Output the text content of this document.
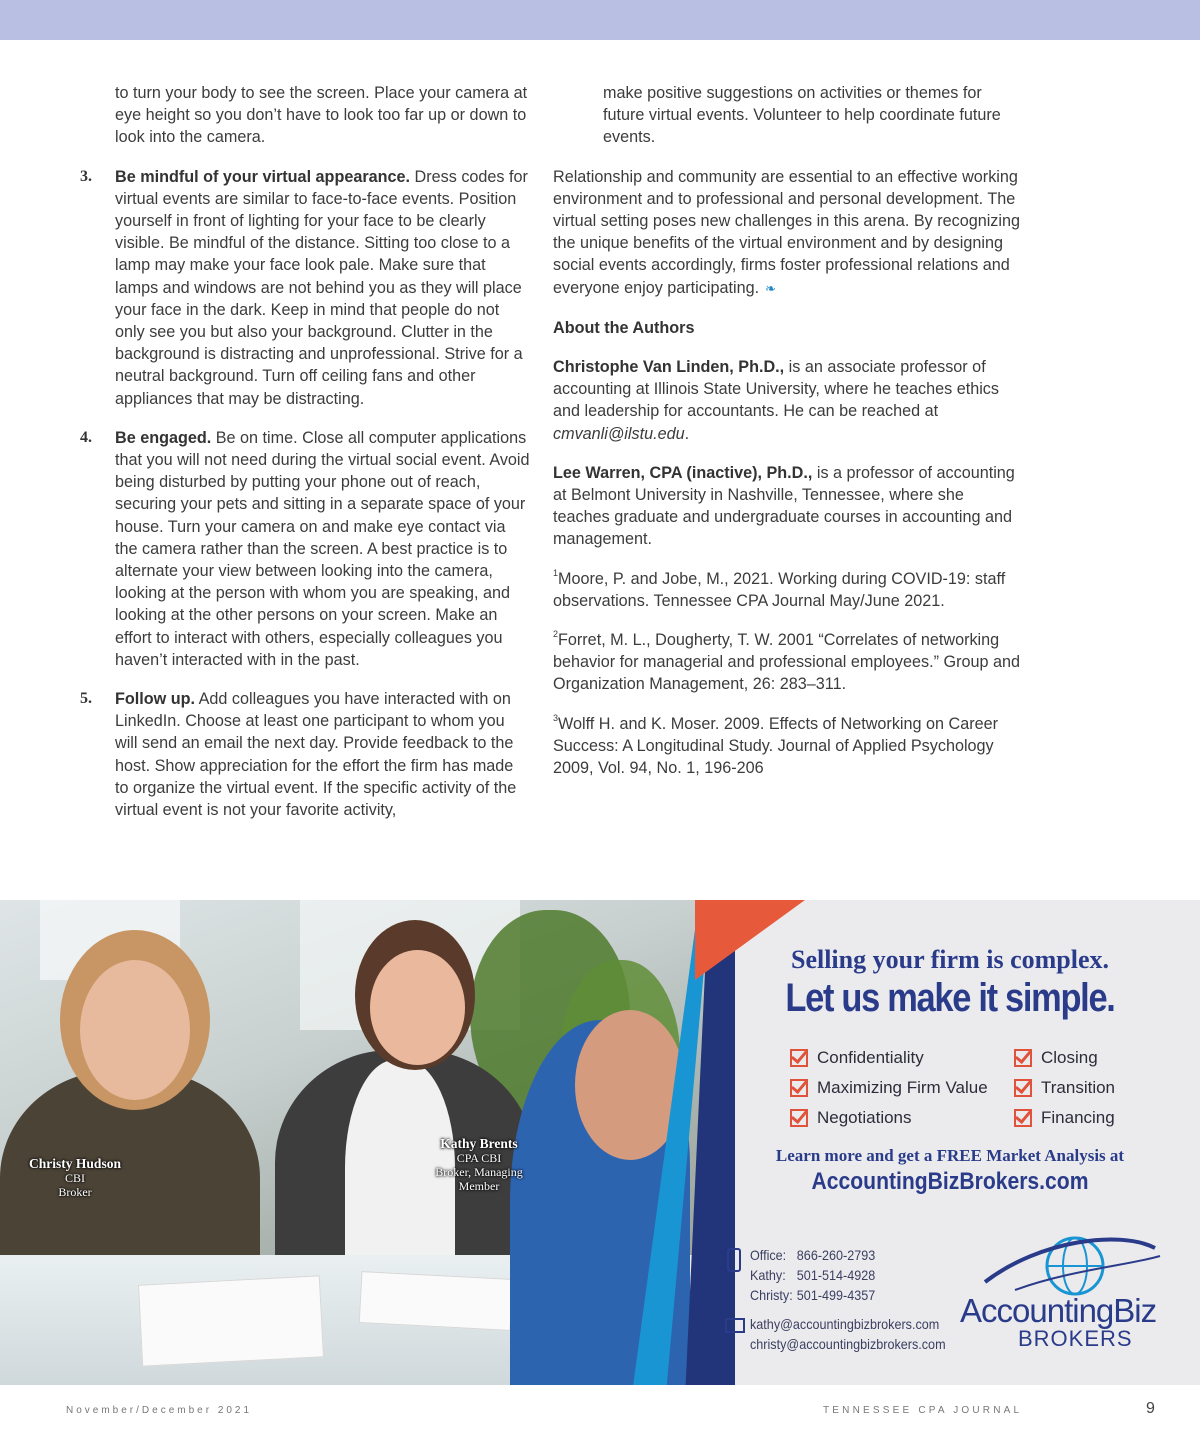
to turn your body to see the screen. Place your camera at eye height so you don’t have to look too far up or down to look into the camera.

3. Be mindful of your virtual appearance. Dress codes for virtual events are similar to face-to-face events. Position yourself in front of lighting for your face to be clearly visible. Be mindful of the distance. Sitting too close to a lamp may make your face look pale. Make sure that lamps and windows are not behind you as they will place your face in the dark. Keep in mind that people do not only see you but also your background. Clutter in the background is distracting and unprofessional. Strive for a neutral background. Turn off ceiling fans and other appliances that may be distracting.
4. Be engaged. Be on time. Close all computer applications that you will not need during the virtual social event. Avoid being disturbed by putting your phone out of reach, securing your pets and sitting in a separate space of your house. Turn your camera on and make eye contact via the camera rather than the screen. A best practice is to alternate your view between looking into the camera, looking at the person with whom you are speaking, and looking at the other persons on your screen. Make an effort to interact with others, especially colleagues you haven’t interacted with in the past.
5. Follow up. Add colleagues you have interacted with on LinkedIn. Choose at least one participant to whom you will send an email the next day. Provide feedback to the host. Show appreciation for the effort the firm has made to organize the virtual event. If the specific activity of the virtual event is not your favorite activity,

make positive suggestions on activities or themes for future virtual events. Volunteer to help coordinate future events.

Relationship and community are essential to an effective working environment and to professional and personal development. The virtual setting poses new challenges in this arena. By recognizing the unique benefits of the virtual environment and by designing social events accordingly, firms foster professional relations and everyone enjoy participating. ❧

About the Authors

Christophe Van Linden, Ph.D., is an associate professor of accounting at Illinois State University, where he teaches ethics and leadership for accountants. He can be reached at cmvanli@ilstu.edu.

Lee Warren, CPA (inactive), Ph.D., is a professor of accounting at Belmont University in Nashville, Tennessee, where she teaches graduate and undergraduate courses in accounting and management.

$^1$Moore, P. and Jobe, M., 2021. Working during COVID-19: staff observations. Tennessee CPA Journal May/June 2021.

$^2$Forret, M. L., Dougherty, T. W. 2001 “Correlates of networking behavior for managerial and professional employees.” Group and Organization Management, 26: 283–311.

$^3$Wolff H. and K. Moser. 2009. Effects of Networking on Career Success: A Longitudinal Study. Journal of Applied Psychology 2009, Vol. 94, No. 1, 196-206

Christy Hudson
CBI
Broker
Kathy Brents
CPA CBI
Broker, Managing
Member
Selling your firm is complex.
Let us make it simple.
Confidentiality
Maximizing Firm Value
Negotiations
Closing
Transition
Financing
Learn more and get a FREE Market Analysis at
AccountingBizBrokers.com
Office: 866-260-2793
Kathy: 501-514-4928
Christy: 501-499-4357
kathy@accountingbizbrokers.com
christy@accountingbizbrokers.com
AccountingBiz
BROKERS
November/December 2021	TENNESSEE CPA JOURNAL	9
